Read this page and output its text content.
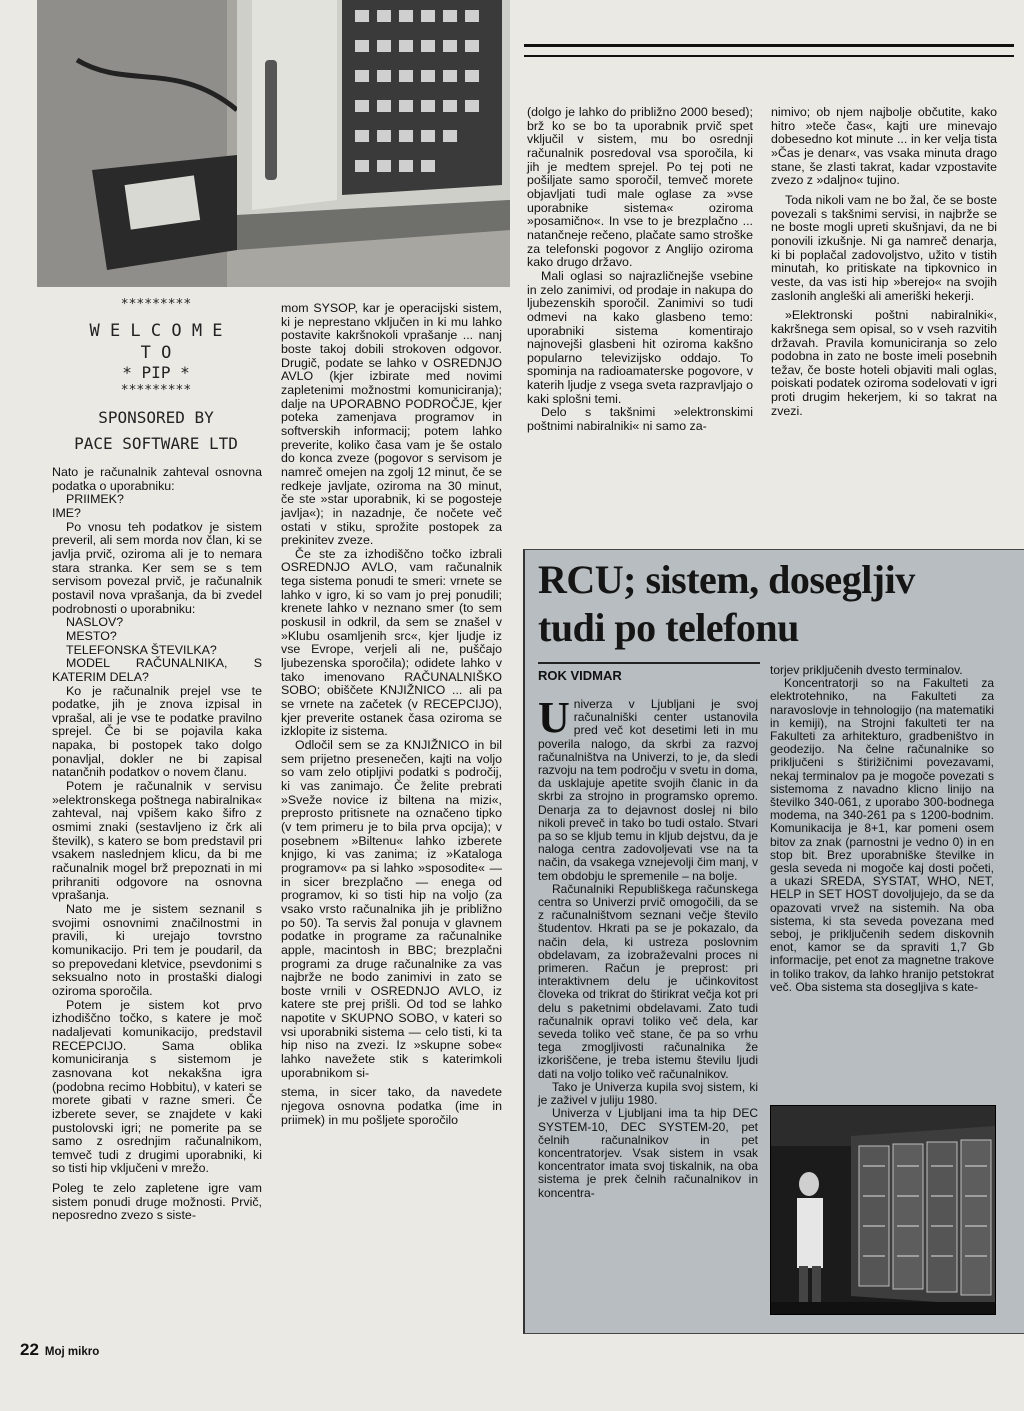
*********
W E L C O M E
T O
* PIP *
*********
SPONSORED BY
PACE SOFTWARE LTD

Nato je računalnik zahteval osnovna podatka o uporabniku:

PRIIMEK?

IME?

Po vnosu teh podatkov je sistem preveril, ali sem morda nov član, ki se javlja prvič, oziroma ali je to nemara stara stranka. Ker sem se s tem servisom povezal prvič, je računalnik postavil nova vprašanja, da bi zvedel podrobnosti o uporabniku:

NASLOV?

MESTO?

TELEFONSKA ŠTEVILKA?

MODEL RAČUNALNIKA, S KATERIM DELA?

Ko je računalnik prejel vse te podatke, jih je znova izpisal in vprašal, ali je vse te podatke pravilno sprejel. Če bi se pojavila kaka napaka, bi postopek tako dolgo ponavljal, dokler ne bi zapisal natančnih podatkov o novem članu.

Potem je računalnik v servisu »elektronskega poštnega nabiralnika« zahteval, naj vpišem kako šifro z osmimi znaki (sestavljeno iz črk ali številk), s katero se bom predstavil pri vsakem naslednjem klicu, da bi me računalnik mogel brž prepoznati in mi prihraniti odgovore na osnovna vprašanja.

Nato me je sistem seznanil s svojimi osnovnimi značilnostmi in pravili, ki urejajo tovrstno komunikacijo. Pri tem je poudaril, da so prepovedani kletvice, psevdonimi s seksualno noto in prostaški dialogi oziroma sporočila.

Potem je sistem kot prvo izhodiščno točko, s katere je moč nadaljevati komunikacijo, predstavil RECEPCIJO. Sama oblika komuniciranja s sistemom je zasnovana kot nekakšna igra (podobna recimo Hobbitu), v kateri se morete gibati v razne smeri. Če izberete sever, se znajdete v kaki pustolovski igri; ne pomerite pa se samo z osrednjim računalnikom, temveč tudi z drugimi uporabniki, ki so tisti hip vključeni v mrežo.

Poleg te zelo zapletene igre vam sistem ponudi druge možnosti. Prvič, neposredno zvezo s siste-

mom SYSOP, kar je operacijski sistem, ki je neprestano vključen in ki mu lahko postavite kakršnokoli vprašanje ... nanj boste takoj dobili strokoven odgovor. Drugič, podate se lahko v OSREDNJO AVLO (kjer izbirate med novimi zapletenimi možnostmi komuniciranja); dalje na UPORABNO PODROČJE, kjer poteka zamenjava programov in softverskih informacij; potem lahko preverite, koliko časa vam je še ostalo do konca zveze (pogovor s servisom je namreč omejen na zgolj 12 minut, če se redkeje javljate, oziroma na 30 minut, če ste »star uporabnik, ki se pogosteje javlja«); in nazadnje, če nočete več ostati v stiku, sprožite postopek za prekinitev zveze.

Če ste za izhodiščno točko izbrali OSREDNJO AVLO, vam računalnik tega sistema ponudi te smeri: vrnete se lahko v igro, ki so vam jo prej ponudili; krenete lahko v neznano smer (to sem poskusil in odkril, da sem se znašel v »Klubu osamljenih src«, kjer ljudje iz vse Evrope, verjeli ali ne, puščajo ljubezenska sporočila); odidete lahko v tako imenovano RAČUNALNIŠKO SOBO; obiščete KNJIŽNICO ... ali pa se vrnete na začetek (v RECEPCIJO), kjer preverite ostanek časa oziroma se izklopite iz sistema.

Odločil sem se za KNJIŽNICO in bil sem prijetno presenečen, kajti na voljo so vam zelo otipljivi podatki s področij, ki vas zanimajo. Če želite prebrati »Sveže novice iz biltena na mizi«, preprosto pritisnete na označeno tipko (v tem primeru je to bila prva opcija); v posebnem »Biltenu« lahko izberete knjigo, ki vas zanima; iz »Kataloga programov« pa si lahko »sposodite« — in sicer brezplačno — enega od programov, ki so tisti hip na voljo (za vsako vrsto računalnika jih je približno po 50). Ta servis žal ponuja v glavnem podatke in programe za računalnike apple, macintosh in BBC; brezplačni programi za druge računalnike za vas najbrže ne bodo zanimivi in zato se boste vrnili v OSREDNJO AVLO, iz katere ste prej prišli. Od tod se lahko napotite v SKUPNO SOBO, v kateri so vsi uporabniki sistema — celo tisti, ki ta hip niso na zvezi. Iz »skupne sobe« lahko navežete stik s katerimkoli uporabnikom si-

stema, in sicer tako, da navedete njegova osnovna podatka (ime in priimek) in mu pošljete sporočilo

(dolgo je lahko do približno 2000 besed); brž ko se bo ta uporabnik prvič spet vključil v sistem, mu bo osrednji računalnik posredoval vsa sporočila, ki jih je medtem sprejel. Po tej poti ne pošiljate samo sporočil, temveč morete objavljati tudi male oglase za »vse uporabnike sistema« oziroma »posamično«. In vse to je brezplačno ... natančneje rečeno, plačate samo stroške za telefonski pogovor z Anglijo oziroma kako drugo državo.

Mali oglasi so najrazličnejše vsebine in zelo zanimivi, od prodaje in nakupa do ljubezenskih sporočil. Zanimivi so tudi odmevi na kako glasbeno temo: uporabniki sistema komentirajo najnovejši glasbeni hit oziroma kakšno popularno televizijsko oddajo. To spominja na radioamaterske pogovore, v katerih ljudje z vsega sveta razpravljajo o kaki splošni temi.

Delo s takšnimi »elektronskimi poštnimi nabiralniki« ni samo za-

nimivo; ob njem najbolje občutite, kako hitro »teče čas«, kajti ure minevajo dobesedno kot minute ... in ker velja tista »Čas je denar«, vas vsaka minuta drago stane, še zlasti takrat, kadar vzpostavite zvezo z »daljno« tujino.

Toda nikoli vam ne bo žal, če se boste povezali s takšnimi servisi, in najbrže se ne boste mogli upreti skušnjavi, da ne bi ponovili izkušnje. Ni ga namreč denarja, ki bi poplačal zadovoljstvo, užito v tistih minutah, ko pritiskate na tipkovnico in veste, da vas isti hip »berejo« na svojih zaslonih angleški ali ameriški hekerji.

»Elektronski poštni nabiralniki«, kakršnega sem opisal, so v vseh razvitih državah. Pravila komuniciranja so zelo podobna in zato ne boste imeli posebnih težav, če boste hoteli objaviti mali oglas, poiskati podatek oziroma sodelovati v igri proti drugim hekerjem, ki so takrat na zvezi.

RCU; sistem, dosegljiv
tudi po telefonu
ROK VIDMAR
U niverza v Ljubljani je svoj računalniški center ustanovila pred več kot desetimi leti in mu poverila nalogo, da skrbi za razvoj računalništva na Univerzi, to je, da sledi razvoju na tem področju v svetu in doma, da usklajuje apetite svojih članic in da skrbi za strojno in programsko opremo. Denarja za to dejavnost doslej ni bilo nikoli preveč in tako bo tudi ostalo. Stvari pa so se kljub temu in kljub dejstvu, da je naloga centra zadovoljevati vse na ta način, da vsakega vznejevolji čim manj, v tem obdobju le spremenile – na bolje.

Računalniki Republiškega računskega centra so Univerzi prvič omogočili, da se z računalništvom seznani večje število študentov. Hkrati pa se je pokazalo, da način dela, ki ustreza poslovnim obdelavam, za izobraževalni proces ni primeren. Račun je preprost: pri interaktivnem delu je učinkovitost človeka od trikrat do štirikrat večja kot pri delu s paketnimi obdelavami. Zato tudi računalnik opravi toliko več dela, kar seveda toliko več stane, če pa so vrhu tega zmogljivosti računalnika že izkoriščene, je treba istemu številu ljudi dati na voljo toliko več računalnikov.

Tako je Univerza kupila svoj sistem, ki je zaživel v juliju 1980.

Univerza v Ljubljani ima ta hip DEC SYSTEM-10, DEC SYSTEM-20, pet čelnih računalnikov in pet koncentratorjev. Vsak sistem in vsak koncentrator imata svoj tiskalnik, na oba sistema je prek čelnih računalnikov in koncentra-

torjev priključenih dvesto terminalov.

Koncentratorji so na Fakulteti za elektrotehniko, na Fakulteti za naravoslovje in tehnologijo (na matematiki in kemiji), na Strojni fakulteti ter na Fakulteti za arhitekturo, gradbeništvo in geodezijo. Na čelne računalnike so priključeni s štirižičnimi povezavami, nekaj terminalov pa je mogoče povezati s sistemoma z navadno klicno linijo na številko 340-061, z uporabo 300-bodnega modema, na 340-261 pa s 1200-bodnim. Komunikacija je 8+1, kar pomeni osem bitov za znak (parnostni je vedno 0) in en stop bit. Brez uporabniške številke in gesla seveda ni mogoče kaj dosti početi, a ukazi SREDA, SYSTAT, WHO, NET, HELP in SET HOST dovoljujejo, da se da opazovati vrvež na sistemih. Na oba sistema, ki sta seveda povezana med seboj, je priključenih sedem diskovnih enot, kamor se da spraviti 1,7 Gb informacije, pet enot za magnetne trakove in toliko trakov, da lahko hranijo petstokrat več. Oba sistema sta dosegljiva s kate-

22 Moj mikro
